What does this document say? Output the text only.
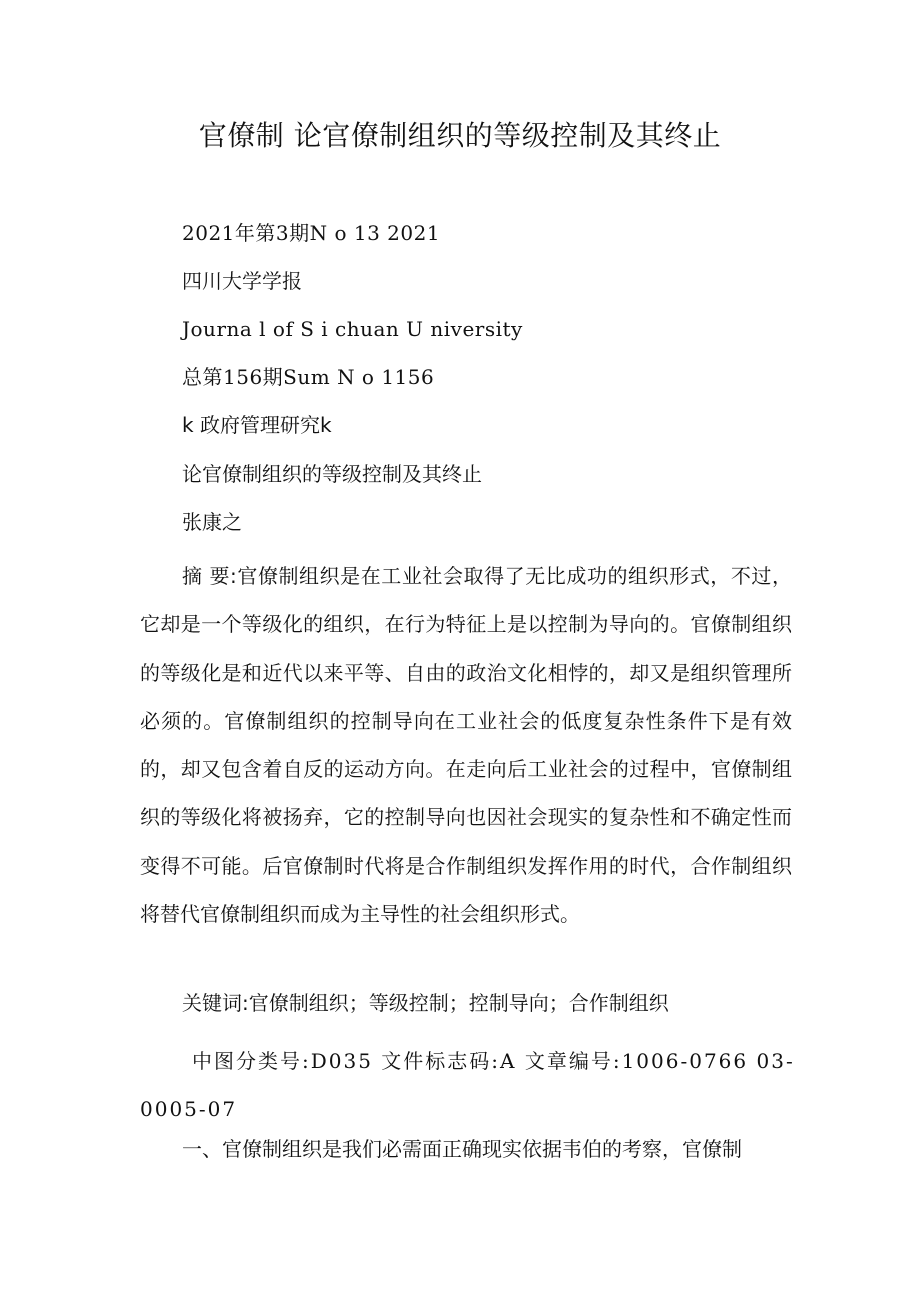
官僚制 论官僚制组织的等级控制及其终止
2021年第3期N o 13 2021
四川大学学报
Journa l of S i chuan U niversity
总第156期Sum N o 1156
k 政府管理研究k
论官僚制组织的等级控制及其终止
张康之

摘 要:官僚制组织是在工业社会取得了无比成功的组织形式，不过，它却是一个等级化的组织，在行为特征上是以控制为导向的。官僚制组织的等级化是和近代以来平等、自由的政治文化相悖的，却又是组织管理所必须的。官僚制组织的控制导向在工业社会的低度复杂性条件下是有效的，却又包含着自反的运动方向。在走向后工业社会的过程中，官僚制组织的等级化将被扬弃，它的控制导向也因社会现实的复杂性和不确定性而变得不可能。后官僚制时代将是合作制组织发挥作用的时代，合作制组织将替代官僚制组织而成为主导性的社会组织形式。

关键词:官僚制组织；等级控制；控制导向；合作制组织

中图分类号:D035 文件标志码:A 文章编号:1006-0766 03-0005-07

一、官僚制组织是我们必需面正确现实依据韦伯的考察，官僚制
